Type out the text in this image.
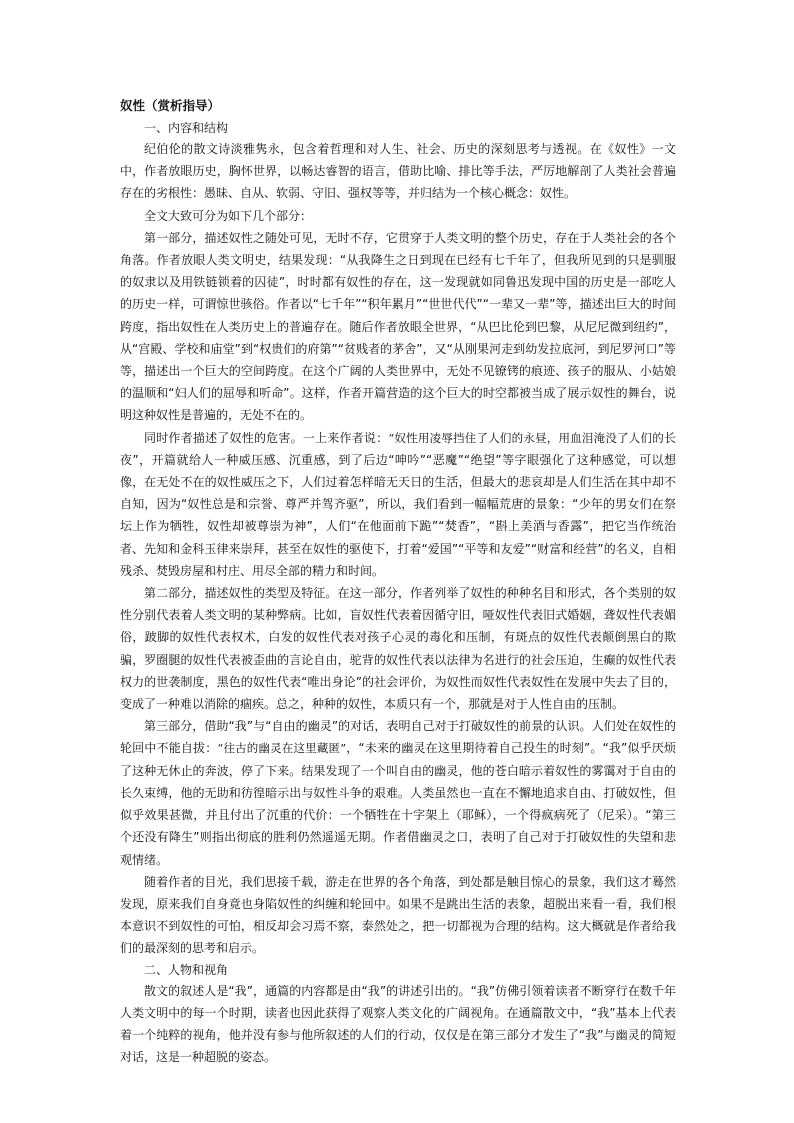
奴性（赏析指导）
一、内容和结构

纪伯伦的散文诗淡雅隽永，包含着哲理和对人生、社会、历史的深刻思考与透视。在《奴性》一文中，作者放眼历史，胸怀世界，以畅达睿智的语言，借助比喻、排比等手法，严厉地解剖了人类社会普遍存在的劣根性：愚昧、自从、软弱、守旧、强权等等，并归结为一个核心概念：奴性。

全文大致可分为如下几个部分：

第一部分，描述奴性之随处可见，无时不存，它贯穿于人类文明的整个历史，存在于人类社会的各个角落。作者放眼人类文明史，结果发现：“从我降生之日到现在已经有七千年了，但我所见到的只是驯服的奴隶以及用铁链锁着的囚徒”，时时都有奴性的存在，这一发现就如同鲁迅发现中国的历史是一部吃人的历史一样，可谓惊世骇俗。作者以“七千年”“积年累月”“世世代代”“一辈又一辈”等，描述出巨大的时间跨度，指出奴性在人类历史上的普遍存在。随后作者放眼全世界，“从巴比伦到巴黎，从尼尼微到纽约”，从“宫殿、学校和庙堂”到“权贵们的府第”“贫贱者的茅舍”，又“从刚果河走到幼发拉底河，到尼罗河口”等等，描述出一个巨大的空间跨度。在这个广阔的人类世界中，无处不见镣铐的痕迹、孩子的服从、小姑娘的温顺和“妇人们的屈辱和听命”。这样，作者开篇营造的这个巨大的时空都被当成了展示奴性的舞台，说明这种奴性是普遍的，无处不在的。

同时作者描述了奴性的危害。一上来作者说：“奴性用凌辱挡住了人们的永昼，用血泪淹没了人们的长夜”，开篇就给人一种威压感、沉重感，到了后边“呻吟”“恶魔”“绝望”等字眼强化了这种感觉，可以想像，在无处不在的奴性威压之下，人们过着怎样暗无天日的生活，但最大的悲哀却是人们生活在其中却不自知，因为“奴性总是和宗誉、尊严并驾齐驱”，所以，我们看到一幅幅荒唐的景象：“少年的男女们在祭坛上作为牺牲，奴性却被尊崇为神”，人们“在他面前下跪”“焚香”，“斟上美酒与香露”，把它当作统治者、先知和金科玉律来崇拜，甚至在奴性的驱使下，打着“爱国”“平等和友爱”“财富和经营”的名义，自相残杀、焚毁房屋和村庄、用尽全部的精力和时间。

第二部分，描述奴性的类型及特征。在这一部分，作者列举了奴性的种种名目和形式，各个类别的奴性分别代表着人类文明的某种弊病。比如，盲奴性代表着因循守旧，哑奴性代表旧式婚姻，聋奴性代表媚俗，跛脚的奴性代表权术，白发的奴性代表对孩子心灵的毒化和压制，有斑点的奴性代表颠倒黑白的欺骗，罗圈腿的奴性代表被歪曲的言论自由，驼背的奴性代表以法律为名进行的社会压迫，生癫的奴性代表权力的世袭制度，黑色的奴性代表“唯出身论”的社会评价，为奴性而奴性代表奴性在发展中失去了目的，变成了一种难以消除的痼疾。总之，种种的奴性，本质只有一个，那就是对于人性自由的压制。

第三部分，借助“我”与“自由的幽灵”的对话，表明自己对于打破奴性的前景的认识。人们处在奴性的轮回中不能自拔：“往古的幽灵在这里藏匿”，“未来的幽灵在这里期待着自己投生的时刻”。“我”似乎厌烦了这种无休止的奔波，停了下来。结果发现了一个叫自由的幽灵，他的苍白暗示着奴性的雾霭对于自由的长久束缚，他的无助和彷徨暗示出与奴性斗争的艰难。人类虽然也一直在不懈地追求自由、打破奴性，但似乎效果甚微，并且付出了沉重的代价：一个牺牲在十字架上（耶稣），一个得疯病死了（尼采）。“第三个还没有降生”则指出彻底的胜利仍然遥遥无期。作者借幽灵之口，表明了自己对于打破奴性的失望和悲观情绪。

随着作者的目光，我们思接千载，游走在世界的各个角落，到处都是触目惊心的景象，我们这才蓦然发现，原来我们自身竟也身陷奴性的纠缠和轮回中。如果不是跳出生活的表象，超脱出来看一看，我们根本意识不到奴性的可怕，相反却会习焉不察，泰然处之，把一切都视为合理的结构。这大概就是作者给我们的最深刻的思考和启示。

二、人物和视角

散文的叙述人是“我”，通篇的内容都是由“我”的讲述引出的。“我”仿佛引领着读者不断穿行在数千年人类文明中的每一个时期，读者也因此获得了观察人类文化的广阔视角。在通篇散文中，“我”基本上代表着一个纯粹的视角，他并没有参与他所叙述的人们的行动，仅仅是在第三部分才发生了“我”与幽灵的简短对话，这是一种超脱的姿态。
